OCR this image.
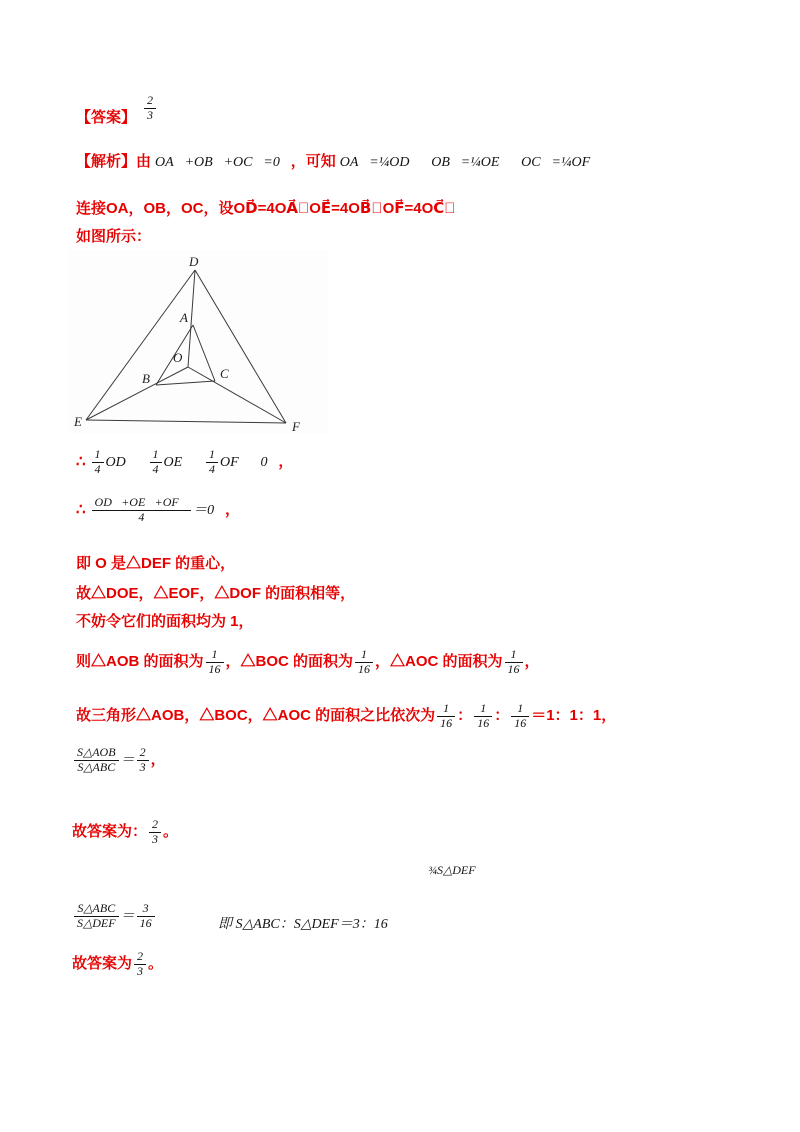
【答案】 $\frac{2}{3}$
【解析】由 OA⃗+OB⃗+OC⃗=0⃗，可知 OA⃗=¼OD⃗，OB⃗=¼OE⃗，OC⃗=¼OF⃗，
连接OA，OB，OC，设OD⃗=4OA⃗，OE⃗=4OB⃗，OF⃗=4OC⃗，
如图所示：
D
E	F
A
B	C
O
∴ $\frac{1}{4}$ OD⃗＋ $\frac{1}{4}$ OE⃗＋ $\frac{1}{4}$ OF⃗＝0⃗，
∴ $\frac{OD⃗+OE⃗+OF⃗}{4}$ ＝0⃗，
即 O 是△DEF 的重心，
故△DOE，△EOF，△DOF 的面积相等，
不妨令它们的面积均为 1，
则△AOB 的面积为 $\frac{1}{16}$ ，△BOC 的面积为 $\frac{1}{16}$ ，△AOC 的面积为 $\frac{1}{16}$ ，
故三角形△AOB，△BOC，△AOC 的面积之比依次为 $\frac{1}{16}$ ： $\frac{1}{16}$ ： $\frac{1}{16} =1$：1：1，
$\frac{\text{S△AOB}}{\text{S△ABC}} = \frac{2}{3}$ ，
故答案为： $\frac{2}{3}$ 。
¾S△DEF
$\frac{\text{S△ABC}}{\text{S△DEF}} = \frac{3}{16}$	即 S△ABC：S△DEF＝3：16
故答案为 $\frac{2}{3}$ 。
